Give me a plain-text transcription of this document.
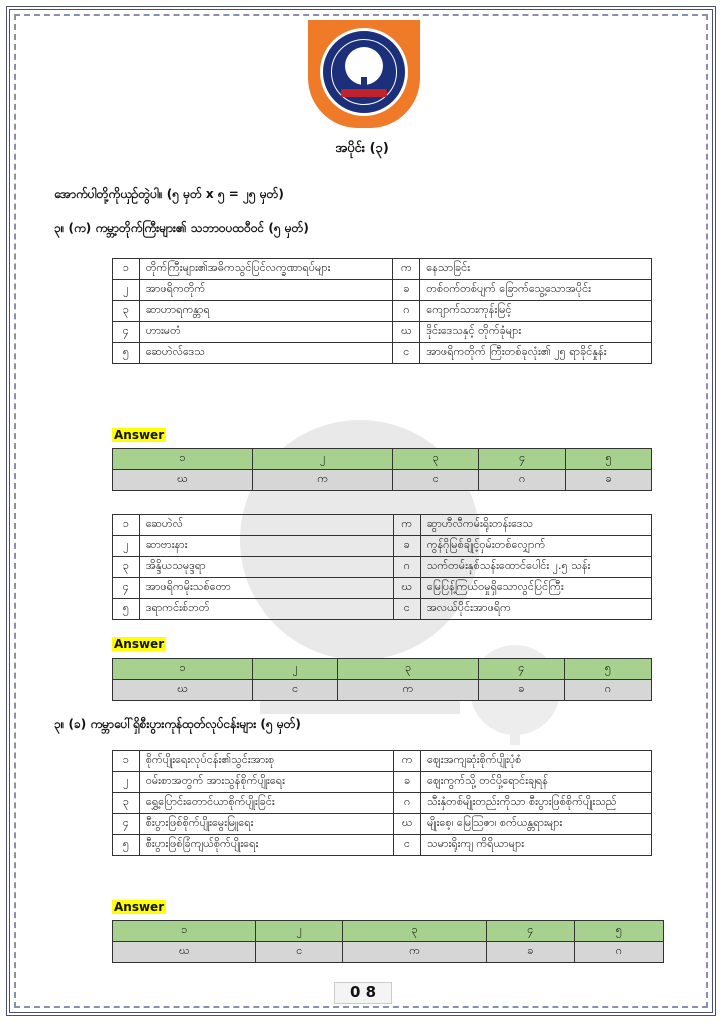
အပိုင်း (၃)
အောက်ပါတို့ကိုယှဉ်တွဲပါ။ (၅ မှတ် x ၅ = ၂၅ မှတ်)
၃။ (က) ကမ္ဘာ့တိုက်ကြီးများ၏ သဘာဝပထဝီဝင် (၅ မှတ်)
၁	တိုက်ကြီးများ၏အဓိကသွင်ပြင်လက္ခဏာရပ်များ	က	နေသာခြင်း
၂	အာဖရိကတိုက်	ခ	တစ်ဝက်တစ်ပျက် ခြောက်သွေ့သောအပိုင်း
၃	ဆာဟာရကန္တာရ	ဂ	ကျောက်သားကုန်းမြင့်
၄	ဟားမတံ	ဃ	ဒိုင်းဒေသနှင့် တိုက်ခုံများ
၅	ဆေဟဲလ်ဒေသ	င	အာဖရိကတိုက် ကြီးတစ်ခုလုံး၏ ၂၅ ရာခိုင်နှုန်း
Answer
၁	၂	၃	၄	၅
ဃ	က	င	ဂ	ခ
၁	ဆေဟဲလ်	က	ဆွာဟီလီကမ်းရိုးတန်းဒေသ
၂	ဆာဗားနား	ခ	ကွန်ဂိုမြစ်ချိုင့်ဝှမ်းတစ်လျှောက်
၃	အိန္ဒိယသမုဒ္ဒရာ	ဂ	သက်တမ်းနှစ်သန်းထောင်ပေါင်း ၂.၅ သန်း
၄	အာဖရိကမိုးသစ်တော	ဃ	မြေပြန့်ကြယ်ဝမှုရှိသောလွင်ပြင်ကြီး
၅	ဒရာကင်းစ်ဘတ်	င	အလယ်ပိုင်းအာဖရိက
Answer
၁	၂	၃	၄	၅
ဃ	င	က	ခ	ဂ
၃။ (ခ) ကမ္ဘာပေါ်ရှိစီးပွားကုန်ထုတ်လုပ်ငန်းများ (၅ မှတ်)
၁	စိုက်ပျိုးရေးလုပ်ငန်း၏သွင်းအားစု	က	ဈေးအကျဆုံးစိုက်ပျိုးပုံစံ
၂	ဝမ်းစာအတွက် အားသွန်စိုက်ပျိုးရေး	ခ	ဈေးကွက်သို့ တင်ပို့ရောင်းချရန်
၃	ရွှေ့ပြောင်းတောင်ယာစိုက်ပျိုးခြင်း	ဂ	သီးနှံတစ်မျိုးတည်းကိုသာ စီးပွားဖြစ်စိုက်ပျိုးသည်
၄	စီးပွားဖြစ်စိုက်ပျိုးမွေးမြူရေး	ဃ	မျိုးစေ့၊ မြေဩဇာ၊ စက်ယန္တရားများ
၅	စီးပွားဖြစ်ခြံကျယ်စိုက်ပျိုးရေး	င	သမားရိုးကျ ကိရိယာများ
Answer
၁	၂	၃	၄	၅
ဃ	င	က	ခ	ဂ
0 8
